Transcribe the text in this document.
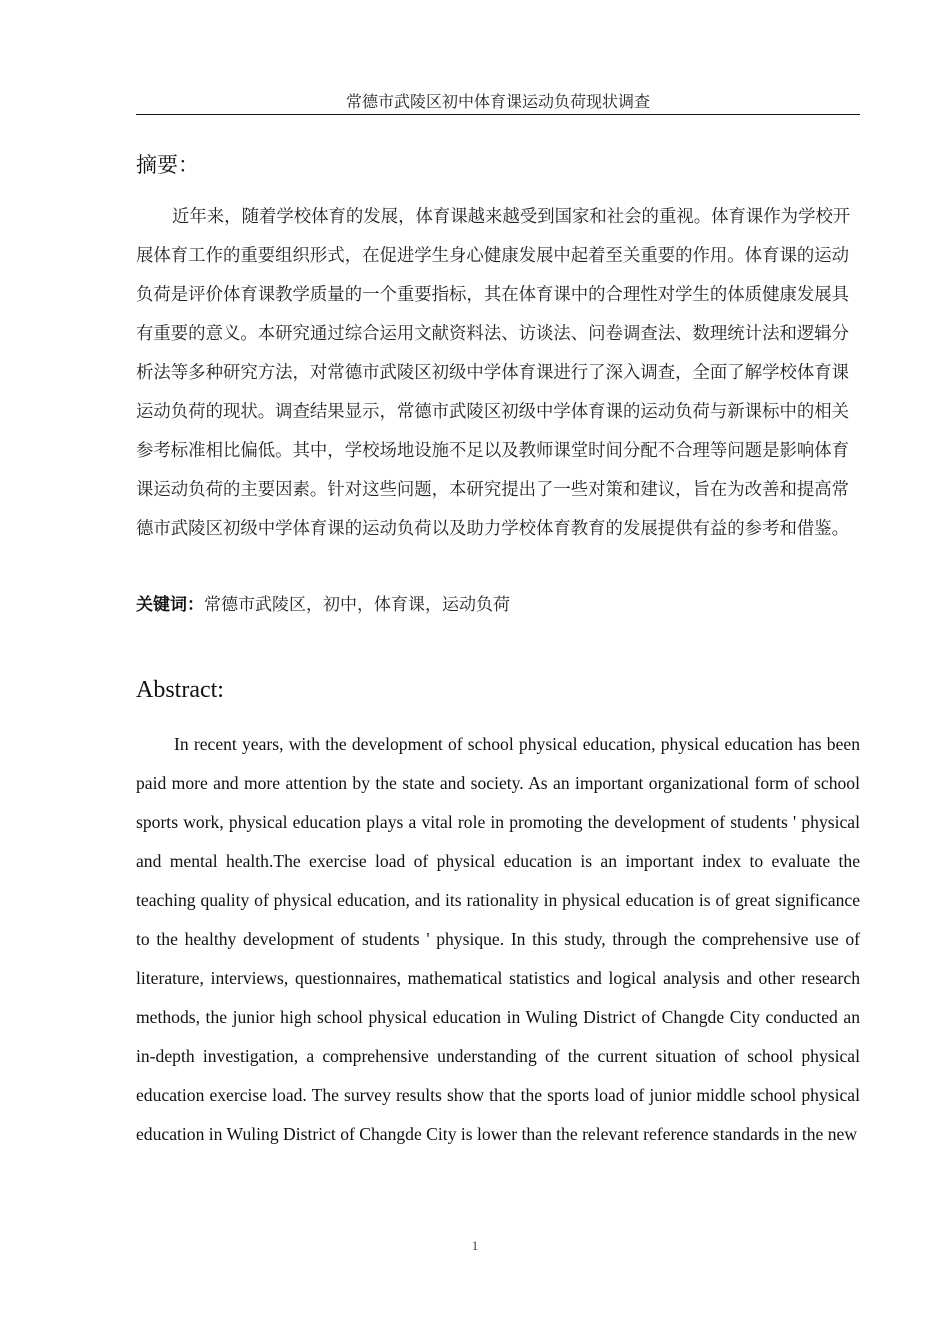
常德市武陵区初中体育课运动负荷现状调查
摘要：

近年来，随着学校体育的发展，体育课越来越受到国家和社会的重视。体育课作为学校开展体育工作的重要组织形式，在促进学生身心健康发展中起着至关重要的作用。体育课的运动负荷是评价体育课教学质量的一个重要指标，其在体育课中的合理性对学生的体质健康发展具有重要的意义。本研究通过综合运用文献资料法、访谈法、问卷调查法、数理统计法和逻辑分析法等多种研究方法，对常德市武陵区初级中学体育课进行了深入调查，全面了解学校体育课运动负荷的现状。调查结果显示，常德市武陵区初级中学体育课的运动负荷与新课标中的相关参考标准相比偏低。其中，学校场地设施不足以及教师课堂时间分配不合理等问题是影响体育课运动负荷的主要因素。针对这些问题，本研究提出了一些对策和建议，旨在为改善和提高常德市武陵区初级中学体育课的运动负荷以及助力学校体育教育的发展提供有益的参考和借鉴。

关键词：常德市武陵区，初中，体育课，运动负荷
Abstract:

In recent years, with the development of school physical education, physical education has been paid more and more attention by the state and society. As an important organizational form of school sports work, physical education plays a vital role in promoting the development of students ' physical and mental health.The exercise load of physical education is an important index to evaluate the teaching quality of physical education, and its rationality in physical education is of great significance to the healthy development of students ' physique. In this study, through the comprehensive use of literature, interviews, questionnaires, mathematical statistics and logical analysis and other research methods, the junior high school physical education in Wuling District of Changde City conducted an in-depth investigation, a comprehensive understanding of the current situation of school physical education exercise load. The survey results show that the sports load of junior middle school physical education in Wuling District of Changde City is lower than the relevant reference standards in the new

1
